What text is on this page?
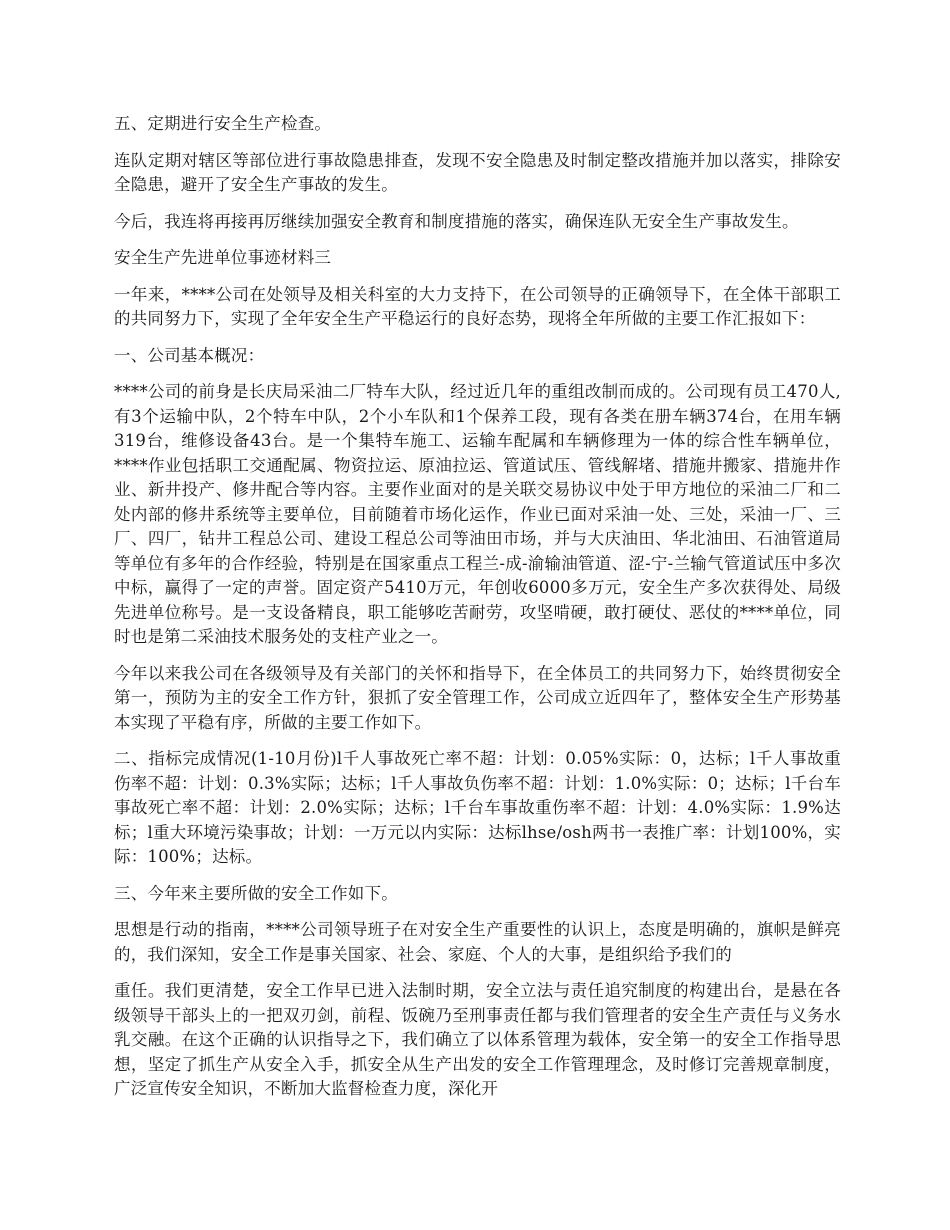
五、定期进行安全生产检查。

连队定期对辖区等部位进行事故隐患排查，发现不安全隐患及时制定整改措施并加以落实，排除安全隐患，避开了安全生产事故的发生。

今后，我连将再接再厉继续加强安全教育和制度措施的落实，确保连队无安全生产事故发生。

安全生产先进单位事迹材料三

一年来，****公司在处领导及相关科室的大力支持下，在公司领导的正确领导下，在全体干部职工的共同努力下，实现了全年安全生产平稳运行的良好态势，现将全年所做的主要工作汇报如下：

一、公司基本概况：

****公司的前身是长庆局采油二厂特车大队，经过近几年的重组改制而成的。公司现有员工470人,有3个运输中队，2个特车中队，2个小车队和1个保养工段，现有各类在册车辆374台，在用车辆319台，维修设备43台。是一个集特车施工、运输车配属和车辆修理为一体的综合性车辆单位，****作业包括职工交通配属、物资拉运、原油拉运、管道试压、管线解堵、措施井搬家、措施井作业、新井投产、修井配合等内容。主要作业面对的是关联交易协议中处于甲方地位的采油二厂和二处内部的修井系统等主要单位，目前随着市场化运作，作业已面对采油一处、三处，采油一厂、三厂、四厂，钻井工程总公司、建设工程总公司等油田市场，并与大庆油田、华北油田、石油管道局等单位有多年的合作经验，特别是在国家重点工程兰-成-渝输油管道、涩-宁-兰输气管道试压中多次中标，赢得了一定的声誉。固定资产5410万元，年创收6000多万元，安全生产多次获得处、局级先进单位称号。是一支设备精良，职工能够吃苦耐劳，攻坚啃硬，敢打硬仗、恶仗的****单位，同时也是第二采油技术服务处的支柱产业之一。

今年以来我公司在各级领导及有关部门的关怀和指导下，在全体员工的共同努力下，始终贯彻安全第一，预防为主的安全工作方针，狠抓了安全管理工作，公司成立近四年了，整体安全生产形势基本实现了平稳有序，所做的主要工作如下。

二、指标完成情况(1-10月份)l千人事故死亡率不超：计划：0.05%实际：0，达标；l千人事故重伤率不超：计划：0.3%实际；达标；l千人事故负伤率不超：计划：1.0%实际：0；达标；l千台车事故死亡率不超：计划：2.0%实际；达标；l千台车事故重伤率不超：计划：4.0%实际：1.9%达标；l重大环境污染事故；计划：一万元以内实际：达标lhse/osh两书一表推广率：计划100%，实际：100%；达标。

三、今年来主要所做的安全工作如下。

思想是行动的指南，****公司领导班子在对安全生产重要性的认识上，态度是明确的，旗帜是鲜亮的，我们深知，安全工作是事关国家、社会、家庭、个人的大事，是组织给予我们的

重任。我们更清楚，安全工作早已进入法制时期，安全立法与责任追究制度的构建出台，是悬在各级领导干部头上的一把双刃剑，前程、饭碗乃至刑事责任都与我们管理者的安全生产责任与义务水乳交融。在这个正确的认识指导之下，我们确立了以体系管理为载体，安全第一的安全工作指导思想，坚定了抓生产从安全入手，抓安全从生产出发的安全工作管理理念，及时修订完善规章制度，广泛宣传安全知识，不断加大监督检查力度，深化开
